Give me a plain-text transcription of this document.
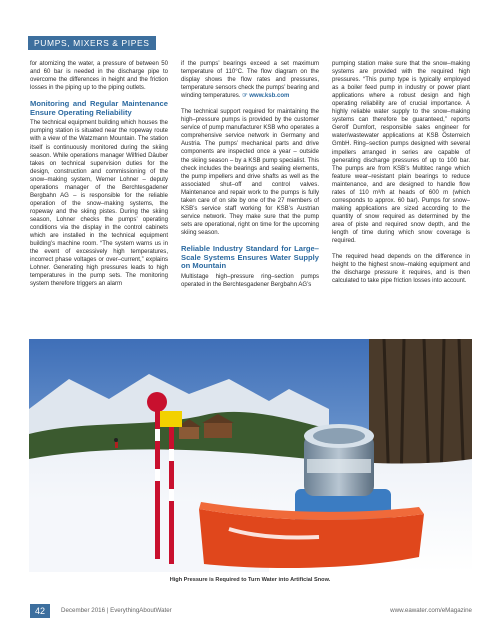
PUMPS, MIXERS & PIPES

for atomizing the water, a pressure of between 50 and 60 bar is needed in the discharge pipe to overcome the differences in height and the friction losses in the piping up to the piping outlets.

Monitoring and Regular Maintenance Ensure Operating Reliability

The technical equipment building which houses the pumping station is situated near the ropeway route with a view of the Watzmann Mountain. The station itself is continuously monitored during the skiing season. While operations manager Wilfried Däuber takes on technical supervision duties for the design, construction and commissioning of the snow–making system, Werner Lohner – deputy operations manager of the Berchtesgadener Bergbahn AG – is responsible for the reliable operation of the snow–making systems, the ropeway and the skiing pistes. During the skiing season, Lohner checks the pumps’ operating conditions via the display in the control cabinets which are installed in the technical equipment building’s machine room. “The system warns us in the event of excessively high temperatures, incorrect phase voltages or over–current,” explains Lohner. Generating high pressures leads to high temperatures in the pump sets. The monitoring system therefore triggers an alarm

if the pumps’ bearings exceed a set maximum temperature of 110°C. The flow diagram on the display shows the flow rates and pressures, temperature sensors check the pumps’ bearing and winding temperatures. ☞ www.ksb.com

The technical support required for maintaining the high–pressure pumps is provided by the customer service of pump manufacturer KSB who operates a comprehensive service network in Germany and Austria. The pumps’ mechanical parts and drive components are inspected once a year – outside the skiing season – by a KSB pump specialist. This check includes the bearings and sealing elements, the pump impellers and drive shafts as well as the associated shut–off and control valves. Maintenance and repair work to the pumps is fully taken care of on site by one of the 27 members of KSB’s service staff working for KSB’s Austrian service network. They make sure that the pump sets are operational, right on time for the upcoming skiing season.

Reliable Industry Standard for Large–Scale Systems Ensures Water Supply on Mountain

Multistage high–pressure ring–section pumps operated in the Berchtesgadener Bergbahn AG’s

pumping station make sure that the snow–making systems are provided with the required high pressures. “This pump type is typically employed as a boiler feed pump in industry or power plant applications where a robust design and high operating reliability are of crucial importance. A highly reliable water supply to the snow–making systems can therefore be guaranteed,” reports Gerolf Dumfort, responsible sales engineer for water/wastewater applications at KSB Österreich GmbH. Ring–section pumps designed with several impellers arranged in series are capable of generating discharge pressures of up to 100 bar. The pumps are from KSB’s Multitec range which feature wear–resistant plain bearings to reduce maintenance, and are designed to handle flow rates of 110 m³/h at heads of 600 m (which corresponds to approx. 60 bar). Pumps for snow–making applications are sized according to the quantity of snow required as determined by the area of piste and required snow depth, and the length of time during which snow coverage is required.

The required head depends on the difference in height to the highest snow–making equipment and the discharge pressure it requires, and is then calculated to take pipe friction losses into account.

High Pressure is Required to Turn Water into Artificial Snow.
42	December 2016 | EverythingAboutWater	www.eawater.com/eMagazine
